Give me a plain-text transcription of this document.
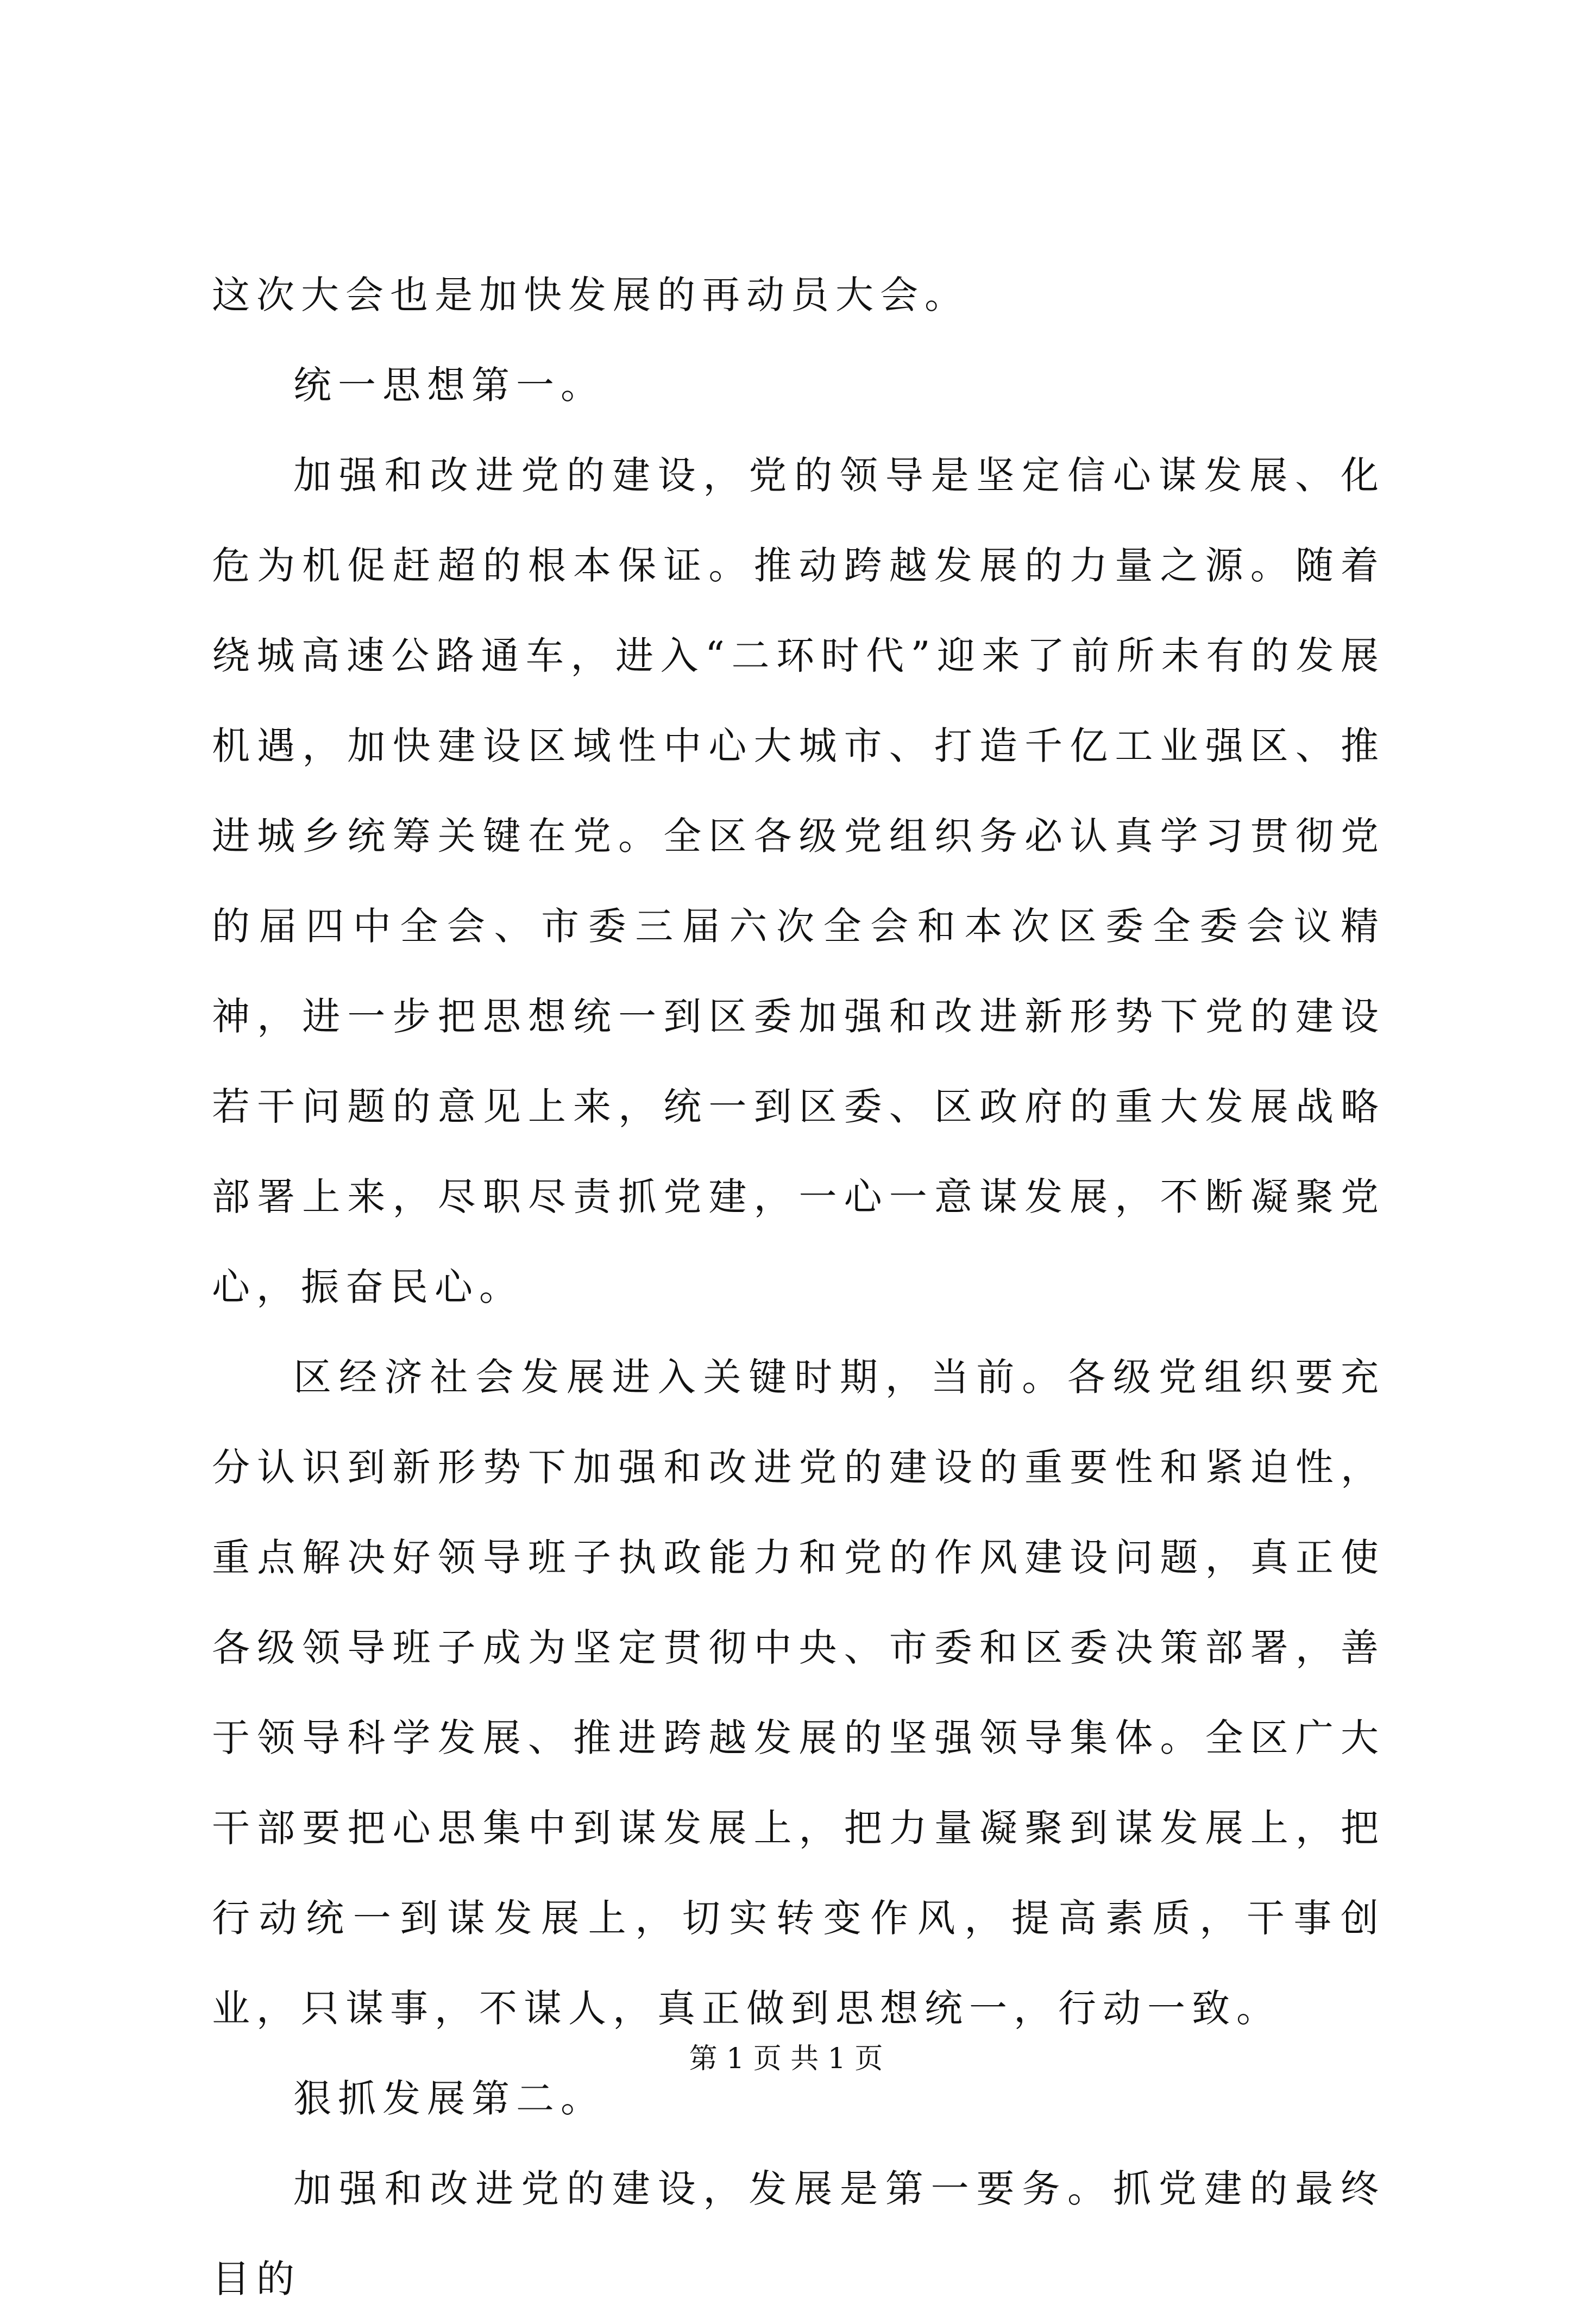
这次大会也是加快发展的再动员大会。

统一思想第一。

加强和改进党的建设，党的领导是坚定信心谋发展、化危为机促赶超的根本保证。推动跨越发展的力量之源。随着绕城高速公路通车，进入“二环时代”迎来了前所未有的发展机遇，加快建设区域性中心大城市、打造千亿工业强区、推进城乡统筹关键在党。全区各级党组织务必认真学习贯彻党的届四中全会、市委三届六次全会和本次区委全委会议精神，进一步把思想统一到区委加强和改进新形势下党的建设若干问题的意见上来，统一到区委、区政府的重大发展战略部署上来，尽职尽责抓党建，一心一意谋发展，不断凝聚党心，振奋民心。

区经济社会发展进入关键时期，当前。各级党组织要充分认识到新形势下加强和改进党的建设的重要性和紧迫性，重点解决好领导班子执政能力和党的作风建设问题，真正使各级领导班子成为坚定贯彻中央、市委和区委决策部署，善于领导科学发展、推进跨越发展的坚强领导集体。全区广大干部要把心思集中到谋发展上，把力量凝聚到谋发展上，把行动统一到谋发展上，切实转变作风，提高素质，干事创业，只谋事，不谋人，真正做到思想统一，行动一致。

狠抓发展第二。

加强和改进党的建设，发展是第一要务。抓党建的最终目的

第 1 页 共 1 页
